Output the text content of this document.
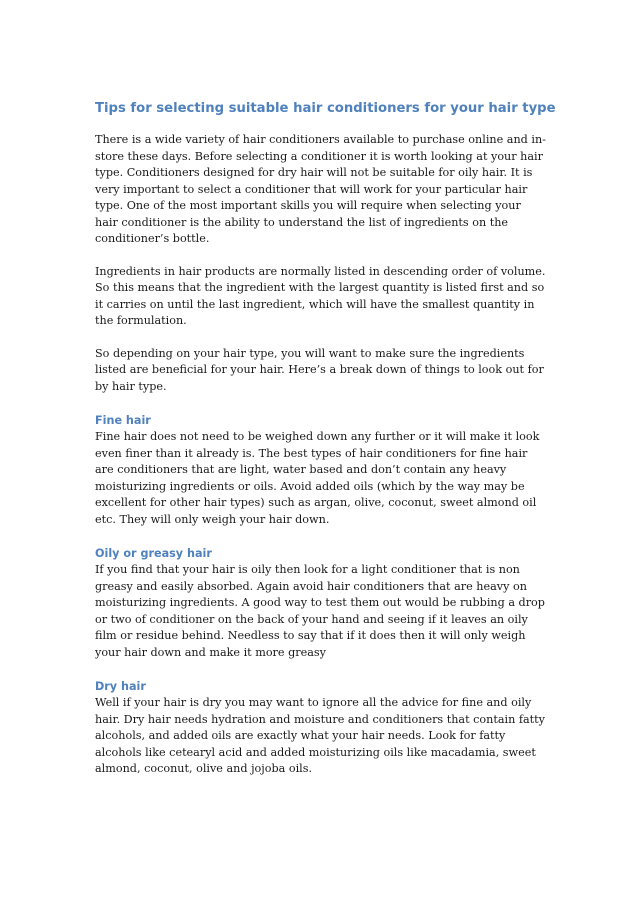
Tips for selecting suitable hair conditioners for your hair type

There is a wide variety of hair conditioners available to purchase online and in-store these days. Before selecting a conditioner it is worth looking at your hair type. Conditioners designed for dry hair will not be suitable for oily hair. It is very important to select a conditioner that will work for your particular hair type. One of the most important skills you will require when selecting your hair conditioner is the ability to understand the list of ingredients on the conditioner’s bottle.

Ingredients in hair products are normally listed in descending order of volume. So this means that the ingredient with the largest quantity is listed first and so it carries on until the last ingredient, which will have the smallest quantity in the formulation.

So depending on your hair type, you will want to make sure the ingredients listed are beneficial for your hair. Here’s a break down of things to look out for by hair type.

Fine hair

Fine hair does not need to be weighed down any further or it will make it look even finer than it already is. The best types of hair conditioners for fine hair are conditioners that are light, water based and don’t contain any heavy moisturizing ingredients or oils. Avoid added oils (which by the way may be excellent for other hair types) such as argan, olive, coconut, sweet almond oil etc. They will only weigh your hair down.

Oily or greasy hair

If you find that your hair is oily then look for a light conditioner that is non greasy and easily absorbed. Again avoid hair conditioners that are heavy on moisturizing ingredients. A good way to test them out would be rubbing a drop or two of conditioner on the back of your hand and seeing if it leaves an oily film or residue behind. Needless to say that if it does then it will only weigh your hair down and make it more greasy

Dry hair

Well if your hair is dry you may want to ignore all the advice for fine and oily hair. Dry hair needs hydration and moisture and conditioners that contain fatty alcohols, and added oils are exactly what your hair needs. Look for fatty alcohols like cetearyl acid and added moisturizing oils like macadamia, sweet almond, coconut, olive and jojoba oils.
